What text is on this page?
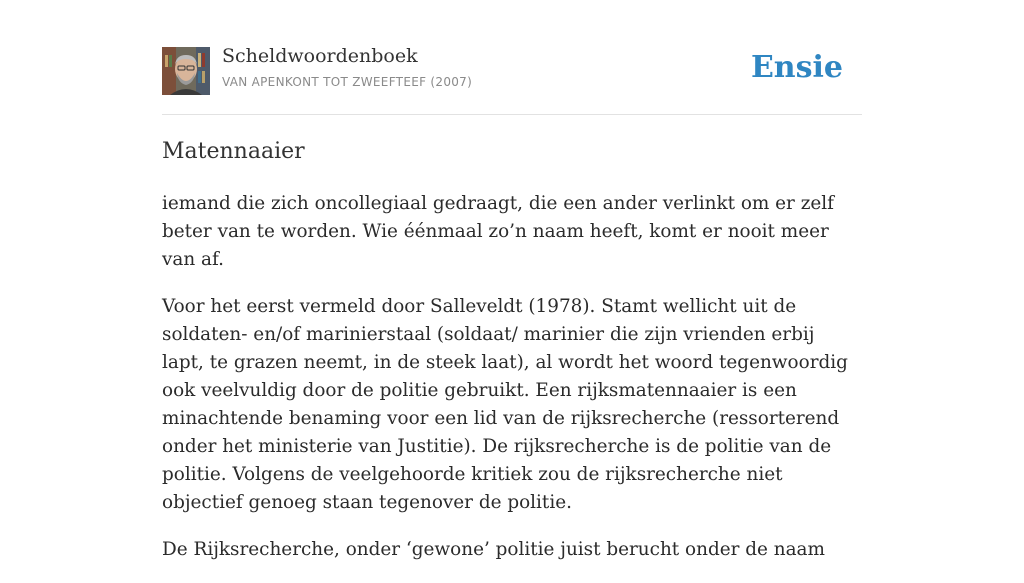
Scheldwoordenboek
VAN APENKONT TOT ZWEEFTEEF (2007)	Ensie
Matennaaier

iemand die zich oncollegiaal gedraagt, die een ander verlinkt om er zelf beter van te worden. Wie éénmaal zo’n naam heeft, komt er nooit meer van af.

Voor het eerst vermeld door Salleveldt (1978). Stamt wellicht uit de soldaten- en/of marinierstaal (soldaat/ marinier die zijn vrienden erbij lapt, te grazen neemt, in de steek laat), al wordt het woord tegenwoordig ook veelvuldig door de politie gebruikt. Een rijksmatennaaier is een minachtende benaming voor een lid van de rijksrecherche (ressorterend onder het ministerie van Justitie). De rijksrecherche is de politie van de politie. Volgens de veelgehoorde kritiek zou de rijksrecherche niet objectief genoeg staan tegenover de politie.

De Rijksrecherche, onder ‘gewone’ politie juist berucht onder de naam
